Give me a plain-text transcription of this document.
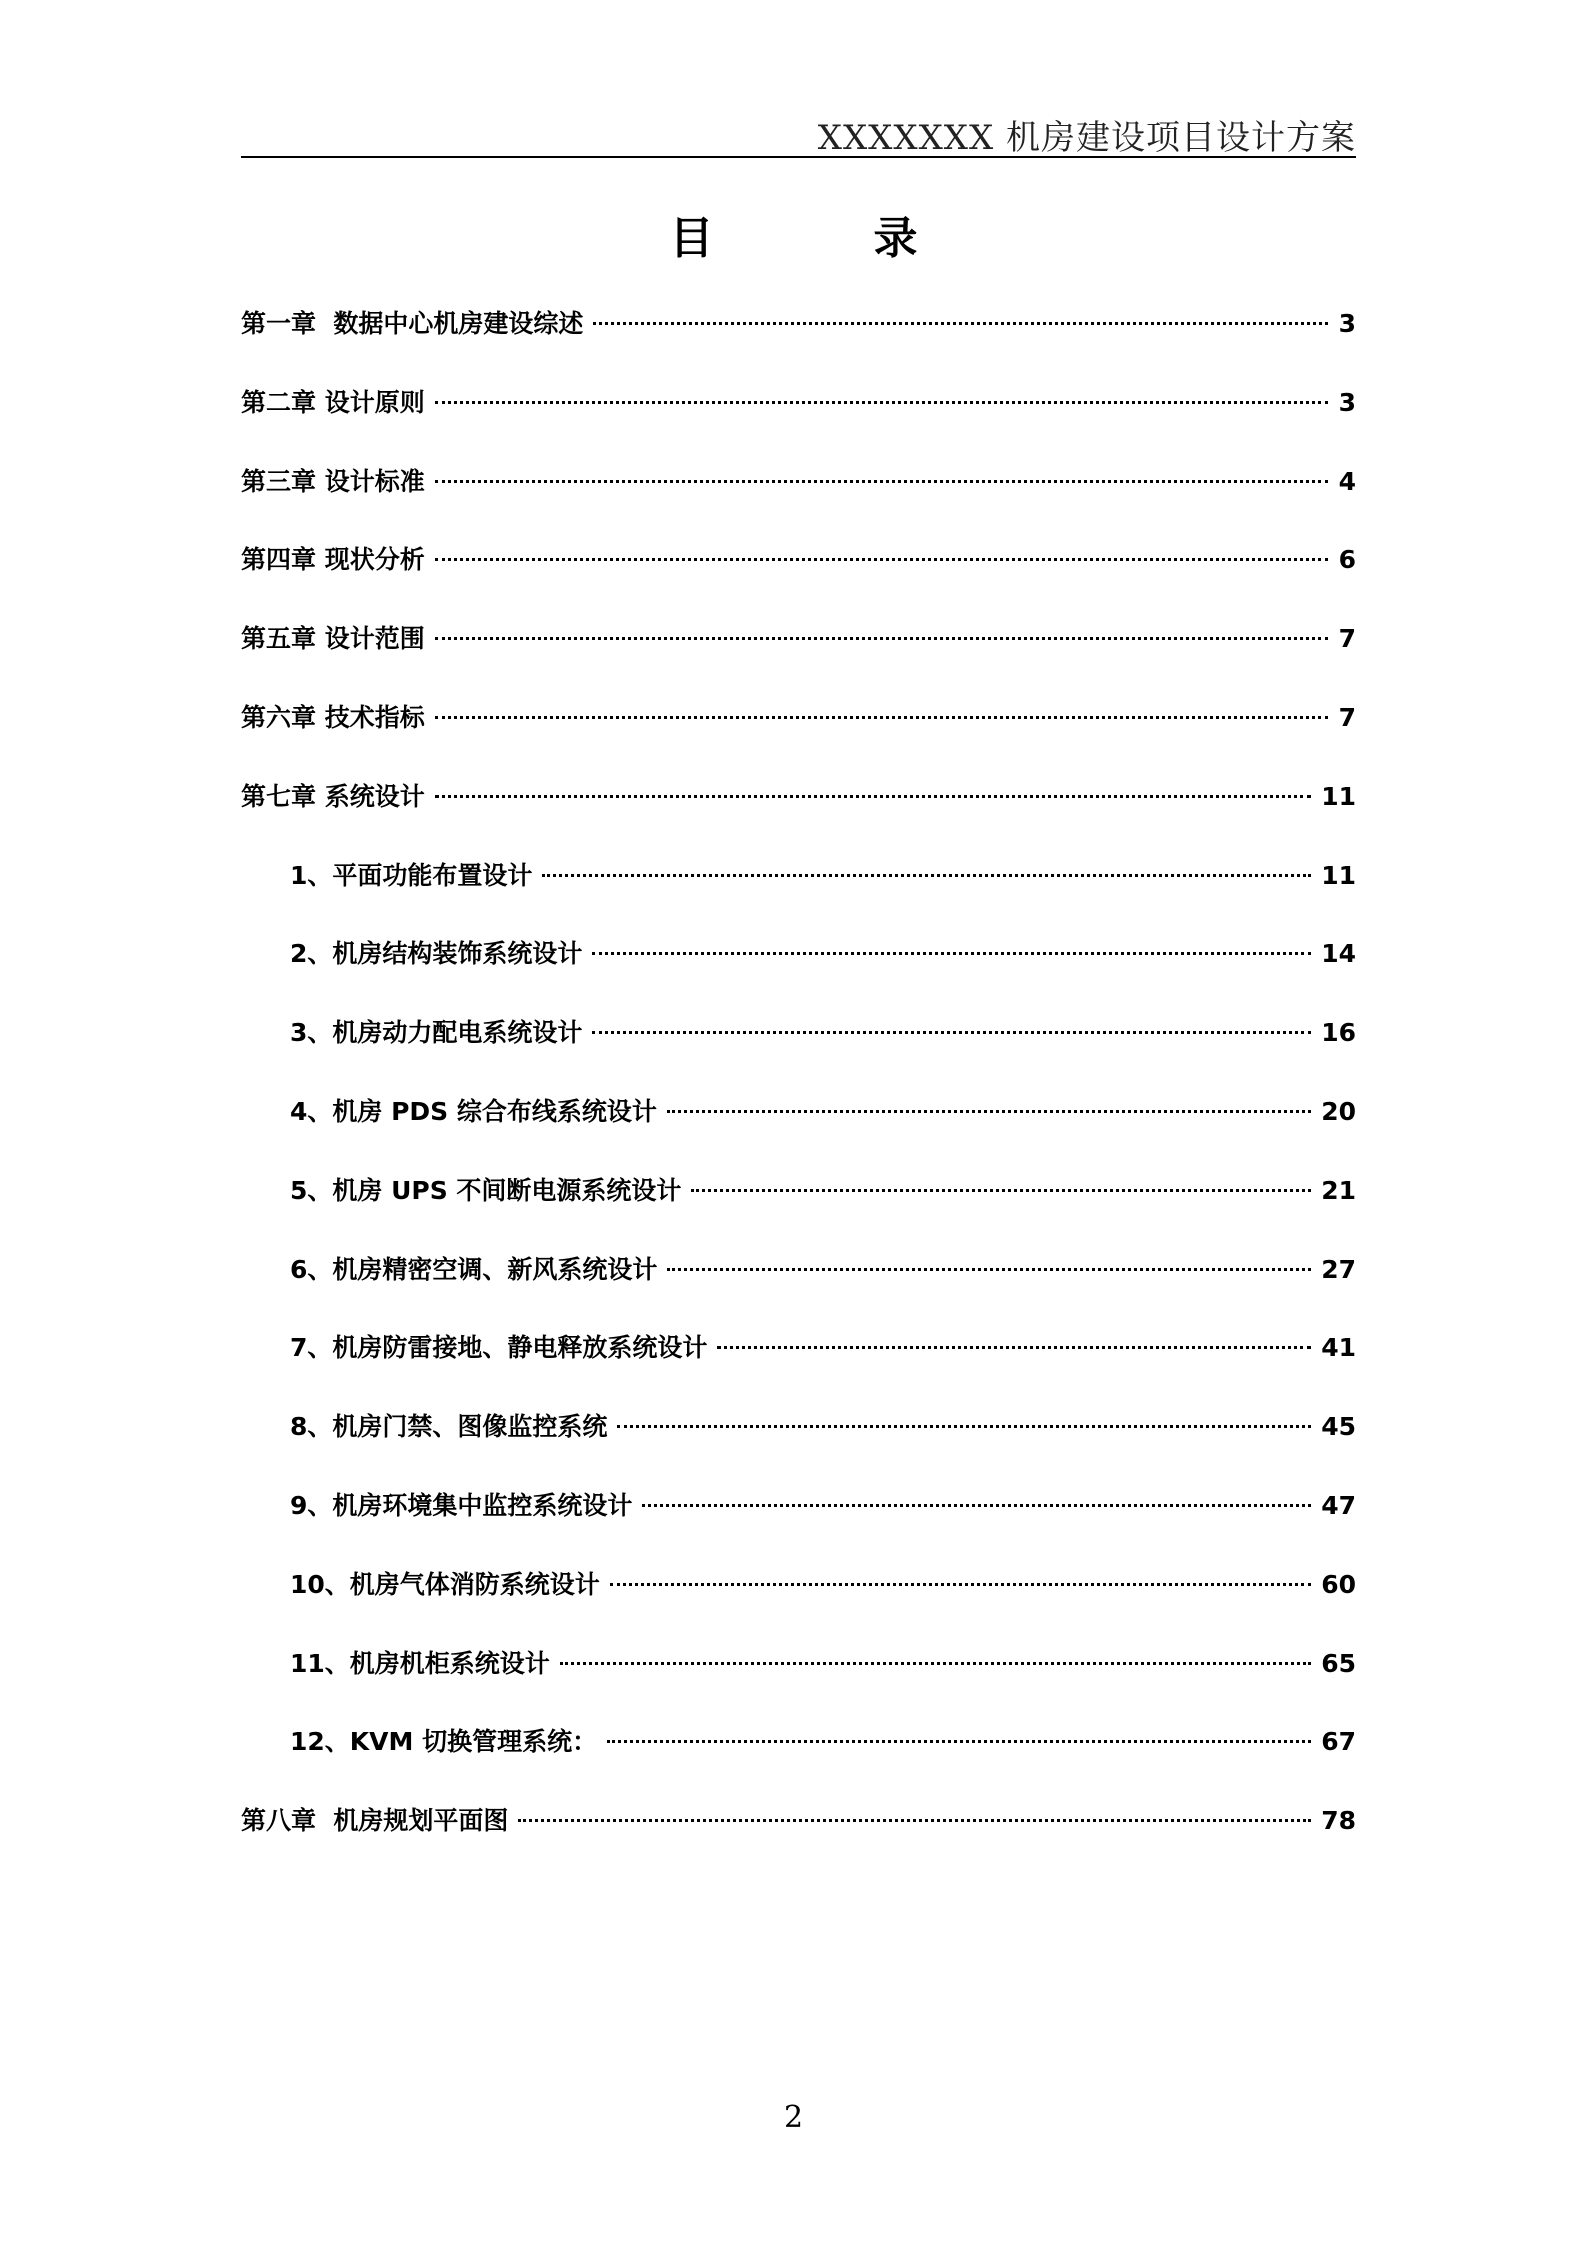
XXXXXXX 机房建设项目设计方案
目	录
第一章  数据中心机房建设综述	3
第二章 设计原则	3
第三章 设计标准	4
第四章 现状分析	6
第五章 设计范围	7
第六章 技术指标	7
第七章 系统设计	11
1、平面功能布置设计	11
2、机房结构装饰系统设计	14
3、机房动力配电系统设计	16
4、机房 PDS 综合布线系统设计	20
5、机房 UPS 不间断电源系统设计	21
6、机房精密空调、新风系统设计	27
7、机房防雷接地、静电释放系统设计	41
8、机房门禁、图像监控系统	45
9、机房环境集中监控系统设计	47
10、机房气体消防系统设计	60
11、机房机柜系统设计	65
12、KVM 切换管理系统：	67
第八章  机房规划平面图	78
2
